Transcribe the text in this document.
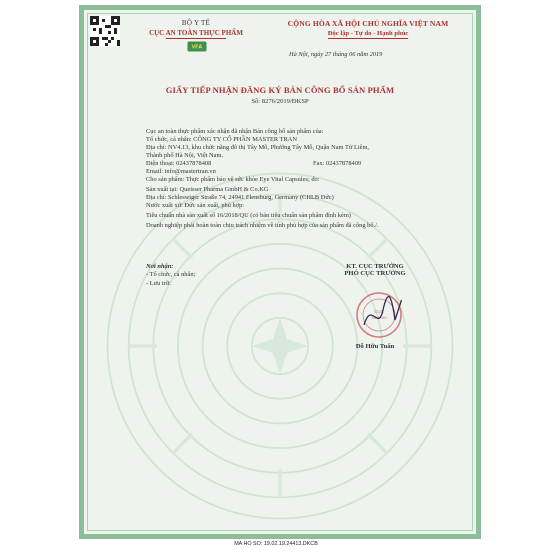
BỘ Y TẾ
CỤC AN TOÀN THỰC PHẨM
VFA
CỘNG HÒA XÃ HỘI CHỦ NGHĨA VIỆT NAM
Độc lập - Tự do - Hạnh phúc
Hà Nội, ngày 27 tháng 06 năm 2019
GIẤY TIẾP NHẬN ĐĂNG KÝ BẢN CÔNG BỐ SẢN PHẨM
Số: 8276/2019/ĐKSP

Cục an toàn thực phẩm xác nhận đã nhận Bản công bố sản phẩm của:

Tổ chức, cá nhân: CÔNG TY CỔ PHẦN MASTER TRAN

Địa chỉ: NV4.13, khu chức năng đô thị Tây Mỗ, Phường Tây Mỗ, Quận Nam Từ Liêm,

Thành phố Hà Nội, Việt Nam.

Điện thoại: 02437878408	Fax: 02437878409

Email: info@mastertran.vn

Cho sản phẩm: Thực phẩm bảo vệ sức khỏe Eye Vital Capsules; do:

Sản xuất tại: Queisser Pharma GmbH & Co.KG

Địa chỉ: Schleswiger Straße 74, 24941 Flensburg, Germany (CHLB Đức)

Nước xuất xứ: Đức sản xuất, phù hợp:

Tiêu chuẩn nhà sản xuất số 16/2018/QU (có bản tiêu chuẩn sản phẩm đính kèm)

Doanh nghiệp phải hoàn toàn chịu trách nhiệm về tính phù hợp của sản phẩm đã công bố./.

Nơi nhận:
- Tổ chức, cá nhân;
- Lưu trữ.
KT. CỤC TRƯỞNG
PHÓ CỤC TRƯỞNG
CỤC
AN TOÀN
Đỗ Hữu Tuấn
MA HO SO: 19.02.19.24413.DKCB
